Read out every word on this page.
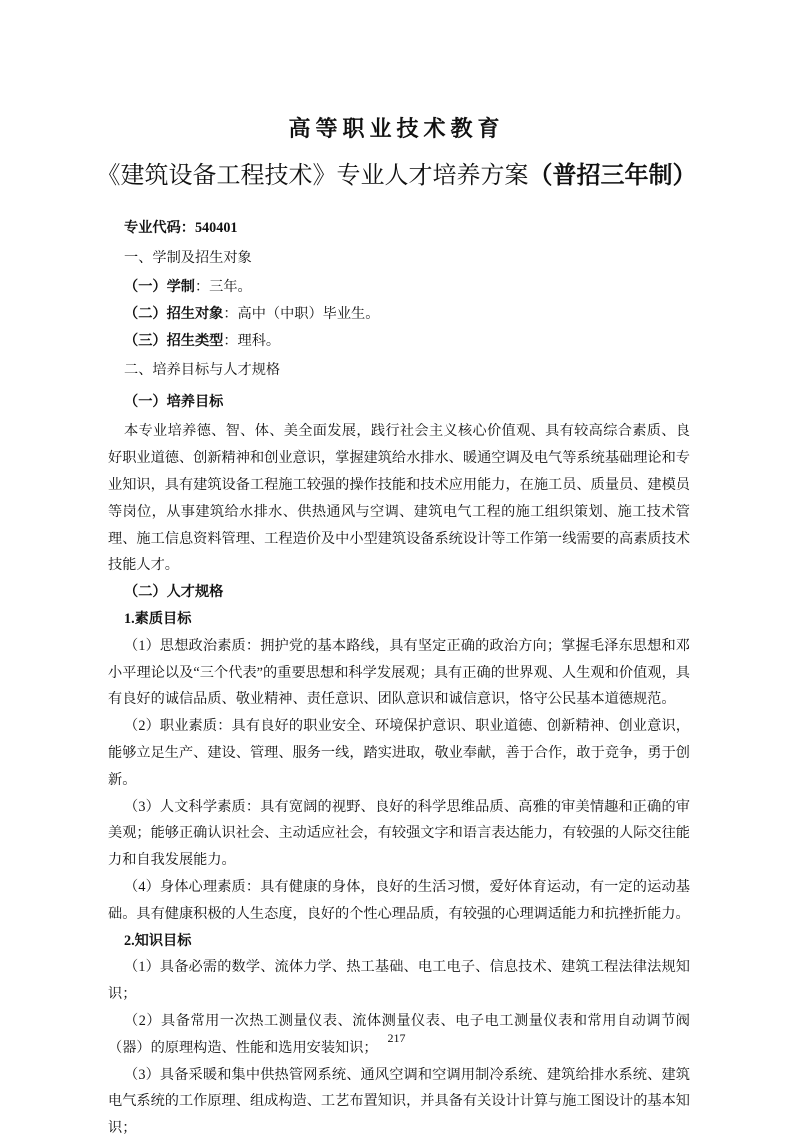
高等职业技术教育
《建筑设备工程技术》专业人才培养方案（普招三年制）

专业代码：540401

一、学制及招生对象

（一）学制：三年。

（二）招生对象：高中（中职）毕业生。

（三）招生类型：理科。

二、培养目标与人才规格

（一）培养目标

本专业培养德、智、体、美全面发展，践行社会主义核心价值观、具有较高综合素质、良好职业道德、创新精神和创业意识，掌握建筑给水排水、暖通空调及电气等系统基础理论和专业知识，具有建筑设备工程施工较强的操作技能和技术应用能力，在施工员、质量员、建模员等岗位，从事建筑给水排水、供热通风与空调、建筑电气工程的施工组织策划、施工技术管理、施工信息资料管理、工程造价及中小型建筑设备系统设计等工作第一线需要的高素质技术技能人才。

（二）人才规格

1.素质目标

（1）思想政治素质：拥护党的基本路线，具有坚定正确的政治方向；掌握毛泽东思想和邓小平理论以及“三个代表”的重要思想和科学发展观；具有正确的世界观、人生观和价值观，具有良好的诚信品质、敬业精神、责任意识、团队意识和诚信意识，恪守公民基本道德规范。

（2）职业素质：具有良好的职业安全、环境保护意识、职业道德、创新精神、创业意识，能够立足生产、建设、管理、服务一线，踏实进取，敬业奉献，善于合作，敢于竞争，勇于创新。

（3）人文科学素质：具有宽阔的视野、良好的科学思维品质、高雅的审美情趣和正确的审美观；能够正确认识社会、主动适应社会，有较强文字和语言表达能力，有较强的人际交往能力和自我发展能力。

（4）身体心理素质：具有健康的身体，良好的生活习惯，爱好体育运动，有一定的运动基础。具有健康积极的人生态度，良好的个性心理品质，有较强的心理调适能力和抗挫折能力。

2.知识目标

（1）具备必需的数学、流体力学、热工基础、电工电子、信息技术、建筑工程法律法规知识；

（2）具备常用一次热工测量仪表、流体测量仪表、电子电工测量仪表和常用自动调节阀（器）的原理构造、性能和选用安装知识；

（3）具备采暖和集中供热管网系统、通风空调和空调用制冷系统、建筑给排水系统、建筑电气系统的工作原理、组成构造、工艺布置知识，并具备有关设计计算与施工图设计的基本知识；

217
